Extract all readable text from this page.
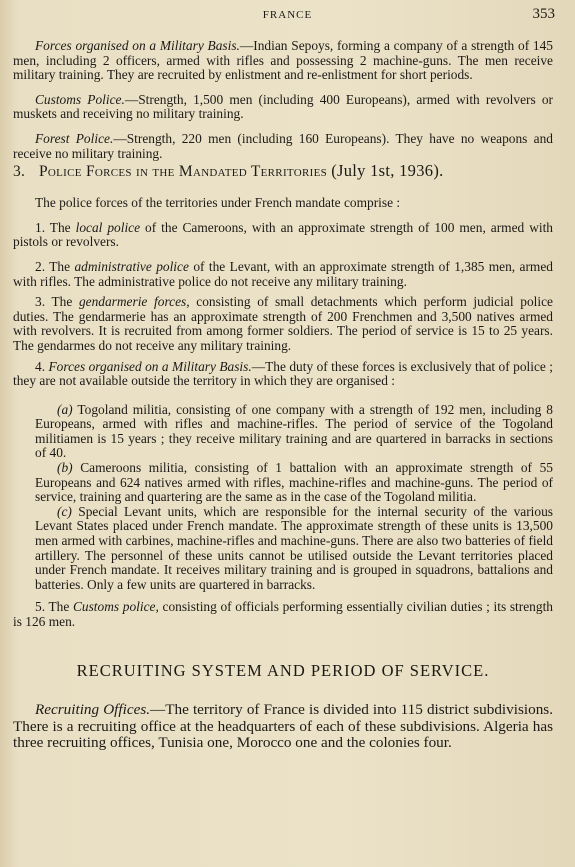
FRANCE	353

Forces organised on a Military Basis.—Indian Sepoys, forming a company of a strength of 145 men, including 2 officers, armed with rifles and possessing 2 machine-guns. The men receive military training. They are recruited by enlistment and re-enlistment for short periods.

Customs Police.—Strength, 1,500 men (including 400 Europeans), armed with revolvers or muskets and receiving no military training.

Forest Police.—Strength, 220 men (including 160 Europeans). They have no weapons and receive no military training.

3. Police Forces in the Mandated Territories (July 1st, 1936).

The police forces of the territories under French mandate comprise :

1. The local police of the Cameroons, with an approximate strength of 100 men, armed with pistols or revolvers.

2. The administrative police of the Levant, with an approximate strength of 1,385 men, armed with rifles. The administrative police do not receive any military training.

3. The gendarmerie forces, consisting of small detachments which perform judicial police duties. The gendarmerie has an approximate strength of 200 Frenchmen and 3,500 natives armed with revolvers. It is recruited from among former soldiers. The period of service is 15 to 25 years. The gendarmes do not receive any military training.

4. Forces organised on a Military Basis.—The duty of these forces is exclusively that of police ; they are not available outside the territory in which they are organised :

(a) Togoland militia, consisting of one company with a strength of 192 men, including 8 Europeans, armed with rifles and machine-rifles. The period of service of the Togoland militiamen is 15 years ; they receive military training and are quartered in barracks in sections of 40.

(b) Cameroons militia, consisting of 1 battalion with an approximate strength of 55 Europeans and 624 natives armed with rifles, machine-rifles and machine-guns. The period of service, training and quartering are the same as in the case of the Togoland militia.

(c) Special Levant units, which are responsible for the internal security of the various Levant States placed under French mandate. The approximate strength of these units is 13,500 men armed with carbines, machine-rifles and machine-guns. There are also two batteries of field artillery. The personnel of these units cannot be utilised outside the Levant territories placed under French mandate. It receives military training and is grouped in squadrons, battalions and batteries. Only a few units are quartered in barracks.

5. The Customs police, consisting of officials performing essentially civilian duties ; its strength is 126 men.

RECRUITING SYSTEM AND PERIOD OF SERVICE.

Recruiting Offices.—The territory of France is divided into 115 district subdivisions. There is a recruiting office at the headquarters of each of these subdivisions. Algeria has three recruiting offices, Tunisia one, Morocco one and the colonies four.
